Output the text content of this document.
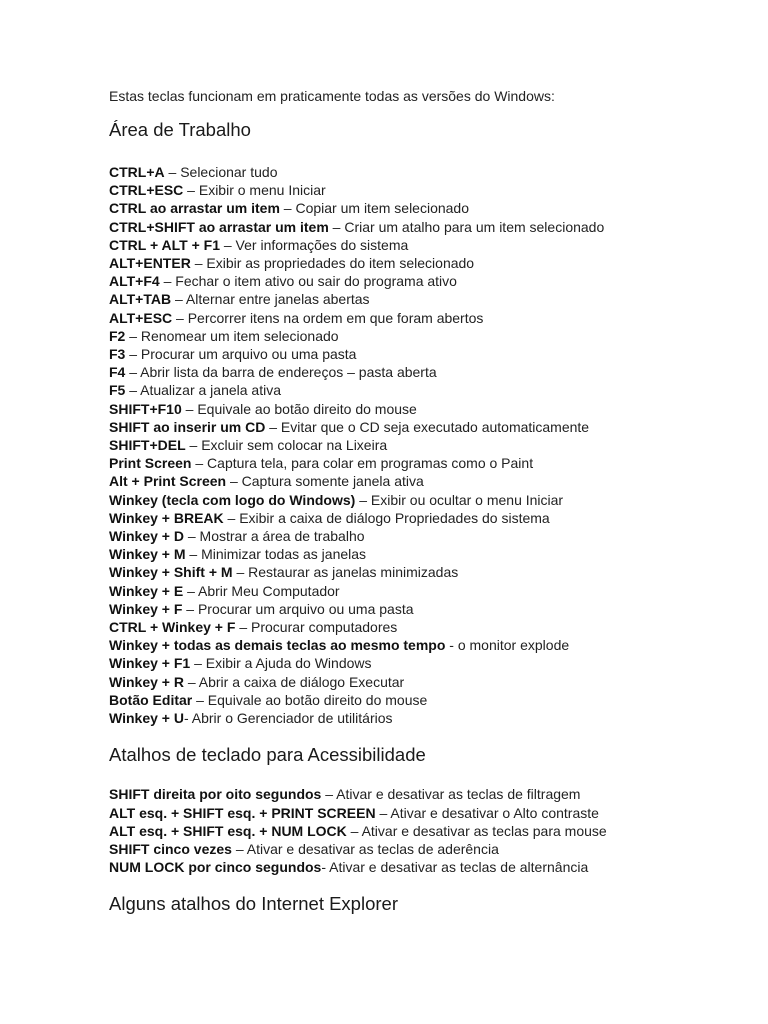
Estas teclas funcionam em praticamente todas as versões do Windows:

Área de Trabalho
CTRL+A – Selecionar tudo
CTRL+ESC – Exibir o menu Iniciar
CTRL ao arrastar um item – Copiar um item selecionado
CTRL+SHIFT ao arrastar um item – Criar um atalho para um item selecionado
CTRL + ALT + F1 – Ver informações do sistema
ALT+ENTER – Exibir as propriedades do item selecionado
ALT+F4 – Fechar o item ativo ou sair do programa ativo
ALT+TAB – Alternar entre janelas abertas
ALT+ESC – Percorrer itens na ordem em que foram abertos
F2 – Renomear um item selecionado
F3 – Procurar um arquivo ou uma pasta
F4 – Abrir lista da barra de endereços – pasta aberta
F5 – Atualizar a janela ativa
SHIFT+F10 – Equivale ao botão direito do mouse
SHIFT ao inserir um CD – Evitar que o CD seja executado automaticamente
SHIFT+DEL – Excluir sem colocar na Lixeira
Print Screen – Captura tela, para colar em programas como o Paint
Alt + Print Screen – Captura somente janela ativa
Winkey (tecla com logo do Windows) – Exibir ou ocultar o menu Iniciar
Winkey + BREAK – Exibir a caixa de diálogo Propriedades do sistema
Winkey + D – Mostrar a área de trabalho
Winkey + M – Minimizar todas as janelas
Winkey + Shift + M – Restaurar as janelas minimizadas
Winkey + E – Abrir Meu Computador
Winkey + F – Procurar um arquivo ou uma pasta
CTRL + Winkey + F – Procurar computadores
Winkey + todas as demais teclas ao mesmo tempo - o monitor explode
Winkey + F1 – Exibir a Ajuda do Windows
Winkey + R – Abrir a caixa de diálogo Executar
Botão Editar – Equivale ao botão direito do mouse
Winkey + U- Abrir o Gerenciador de utilitários
Atalhos de teclado para Acessibilidade
SHIFT direita por oito segundos – Ativar e desativar as teclas de filtragem
ALT esq. + SHIFT esq. + PRINT SCREEN – Ativar e desativar o Alto contraste
ALT esq. + SHIFT esq. + NUM LOCK – Ativar e desativar as teclas para mouse
SHIFT cinco vezes – Ativar e desativar as teclas de aderência
NUM LOCK por cinco segundos- Ativar e desativar as teclas de alternância
Alguns atalhos do Internet Explorer
